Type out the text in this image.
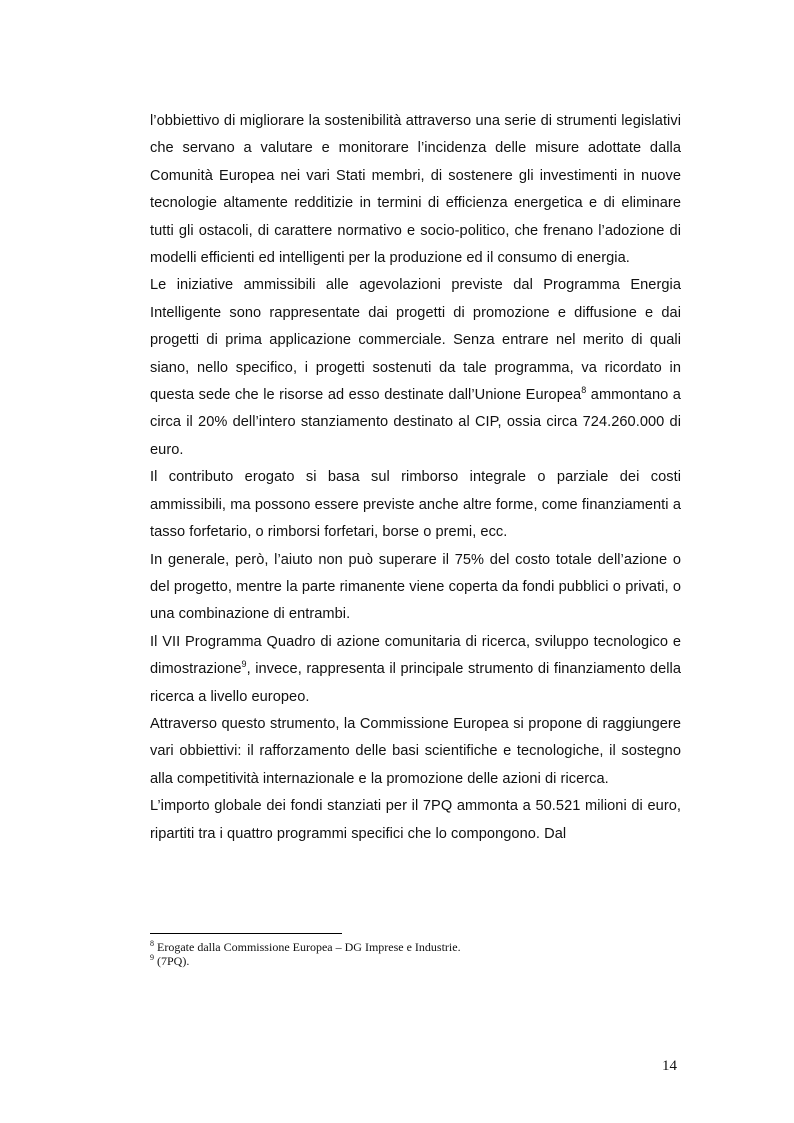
l’obbiettivo di migliorare la sostenibilità attraverso una serie di strumenti legislativi che servano a valutare e monitorare l’incidenza delle misure adottate dalla Comunità Europea nei vari Stati membri, di sostenere gli investimenti in nuove tecnologie altamente redditizie in termini di efficienza energetica e di eliminare tutti gli ostacoli, di carattere normativo e socio-politico, che frenano l’adozione di modelli efficienti ed intelligenti per la produzione ed il consumo di energia.

Le iniziative ammissibili alle agevolazioni previste dal Programma Energia Intelligente sono rappresentate dai progetti di promozione e diffusione e dai progetti di prima applicazione commerciale. Senza entrare nel merito di quali siano, nello specifico, i progetti sostenuti da tale programma, va ricordato in questa sede che le risorse ad esso destinate dall’Unione Europea$^8$ ammontano a circa il 20% dell’intero stanziamento destinato al CIP, ossia circa 724.260.000 di euro.

Il contributo erogato si basa sul rimborso integrale o parziale dei costi ammissibili, ma possono essere previste anche altre forme, come finanziamenti a tasso forfetario, o rimborsi forfetari, borse o premi, ecc.

In generale, però, l’aiuto non può superare il 75% del costo totale dell’azione o del progetto, mentre la parte rimanente viene coperta da fondi pubblici o privati, o una combinazione di entrambi.

Il VII Programma Quadro di azione comunitaria di ricerca, sviluppo tecnologico e dimostrazione$^9$, invece, rappresenta il principale strumento di finanziamento della ricerca a livello europeo.

Attraverso questo strumento, la Commissione Europea si propone di raggiungere vari obbiettivi: il rafforzamento delle basi scientifiche e tecnologiche, il sostegno alla competitività internazionale e la promozione delle azioni di ricerca.

L’importo globale dei fondi stanziati per il 7PQ ammonta a 50.521 milioni di euro, ripartiti tra i quattro programmi specifici che lo compongono. Dal

$^8$ Erogate dalla Commissione Europea – DG Imprese e Industrie.
$^9$ (7PQ).
14
